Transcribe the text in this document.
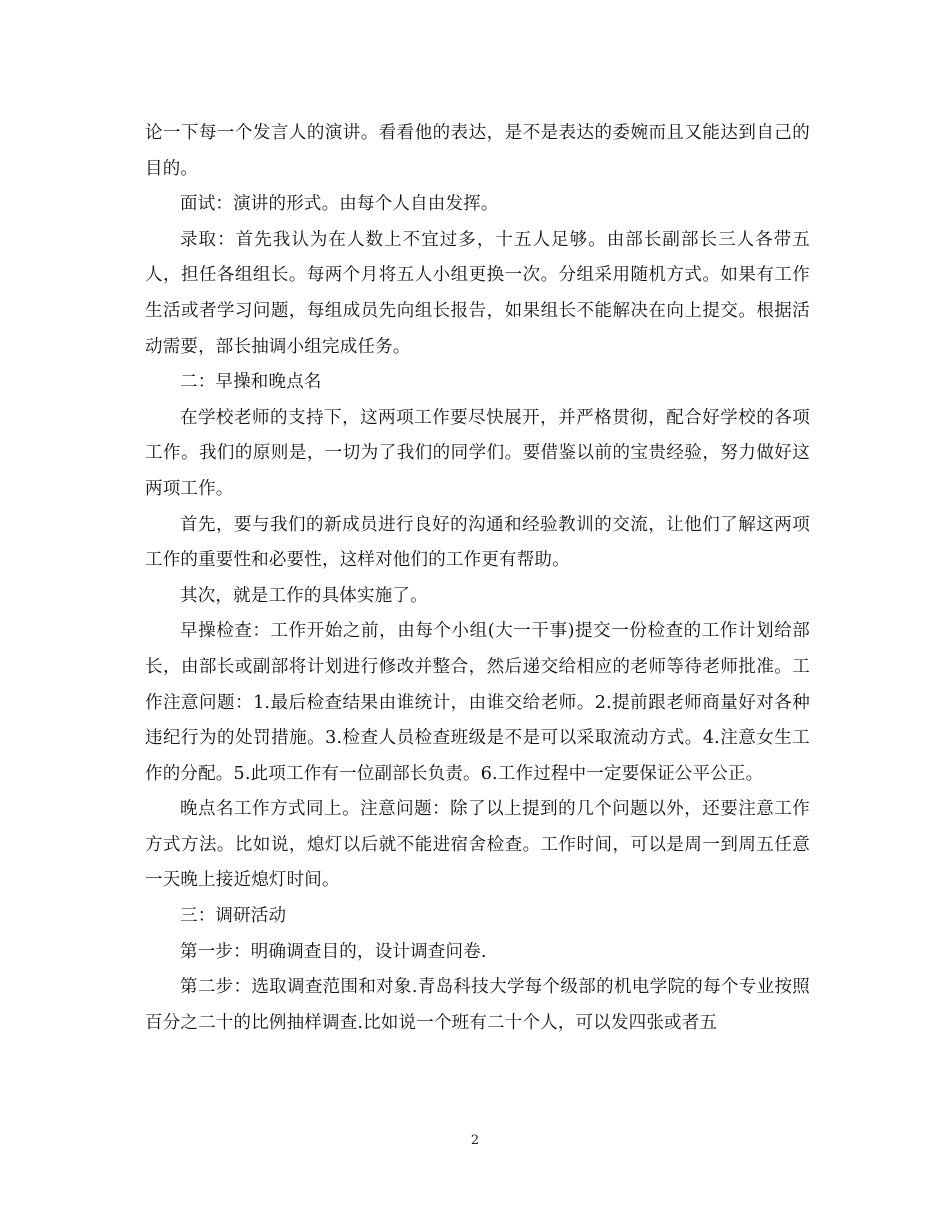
论一下每一个发言人的演讲。看看他的表达，是不是表达的委婉而且又能达到自己的目的。

面试：演讲的形式。由每个人自由发挥。

录取：首先我认为在人数上不宜过多，十五人足够。由部长副部长三人各带五人，担任各组组长。每两个月将五人小组更换一次。分组采用随机方式。如果有工作生活或者学习问题，每组成员先向组长报告，如果组长不能解决在向上提交。根据活动需要，部长抽调小组完成任务。

二：早操和晚点名

在学校老师的支持下，这两项工作要尽快展开，并严格贯彻，配合好学校的各项工作。我们的原则是，一切为了我们的同学们。要借鉴以前的宝贵经验，努力做好这两项工作。

首先，要与我们的新成员进行良好的沟通和经验教训的交流，让他们了解这两项工作的重要性和必要性，这样对他们的工作更有帮助。

其次，就是工作的具体实施了。

早操检查：工作开始之前，由每个小组(大一干事)提交一份检查的工作计划给部长，由部长或副部将计划进行修改并整合，然后递交给相应的老师等待老师批准。工作注意问题：1.最后检查结果由谁统计，由谁交给老师。2.提前跟老师商量好对各种违纪行为的处罚措施。3.检查人员检查班级是不是可以采取流动方式。4.注意女生工作的分配。5.此项工作有一位副部长负责。6.工作过程中一定要保证公平公正。

晚点名工作方式同上。注意问题：除了以上提到的几个问题以外，还要注意工作方式方法。比如说，熄灯以后就不能进宿舍检查。工作时间，可以是周一到周五任意一天晚上接近熄灯时间。

三：调研活动

第一步：明确调查目的，设计调查问卷.

第二步：选取调查范围和对象.青岛科技大学每个级部的机电学院的每个专业按照百分之二十的比例抽样调查.比如说一个班有二十个人，可以发四张或者五

2
